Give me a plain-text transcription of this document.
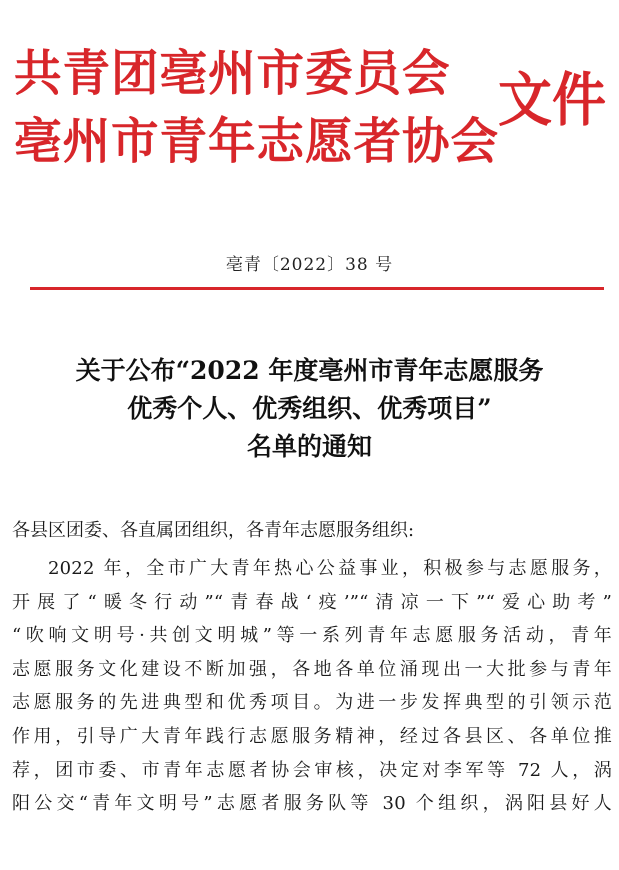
共青团亳州市委员会
亳州市青年志愿者协会
文件
亳青〔2022〕38 号
关于公布“2022 年度亳州市青年志愿服务
优秀个人、优秀组织、优秀项目”
名单的通知
各县区团委、各直属团组织，各青年志愿服务组织:
2022 年，全市广大青年热心公益事业，积极参与志愿服务，
开展了“暖冬行动”“青春战‘疫’”“清凉一下”“爱心助考”
“吹响文明号·共创文明城”等一系列青年志愿服务活动，青年
志愿服务文化建设不断加强，各地各单位涌现出一大批参与青年
志愿服务的先进典型和优秀项目。为进一步发挥典型的引领示范
作用，引导广大青年践行志愿服务精神，经过各县区、各单位推
荐，团市委、市青年志愿者协会审核，决定对李军等 72 人，涡
阳公交“青年文明号”志愿者服务队等 30 个组织，涡阳县好人
